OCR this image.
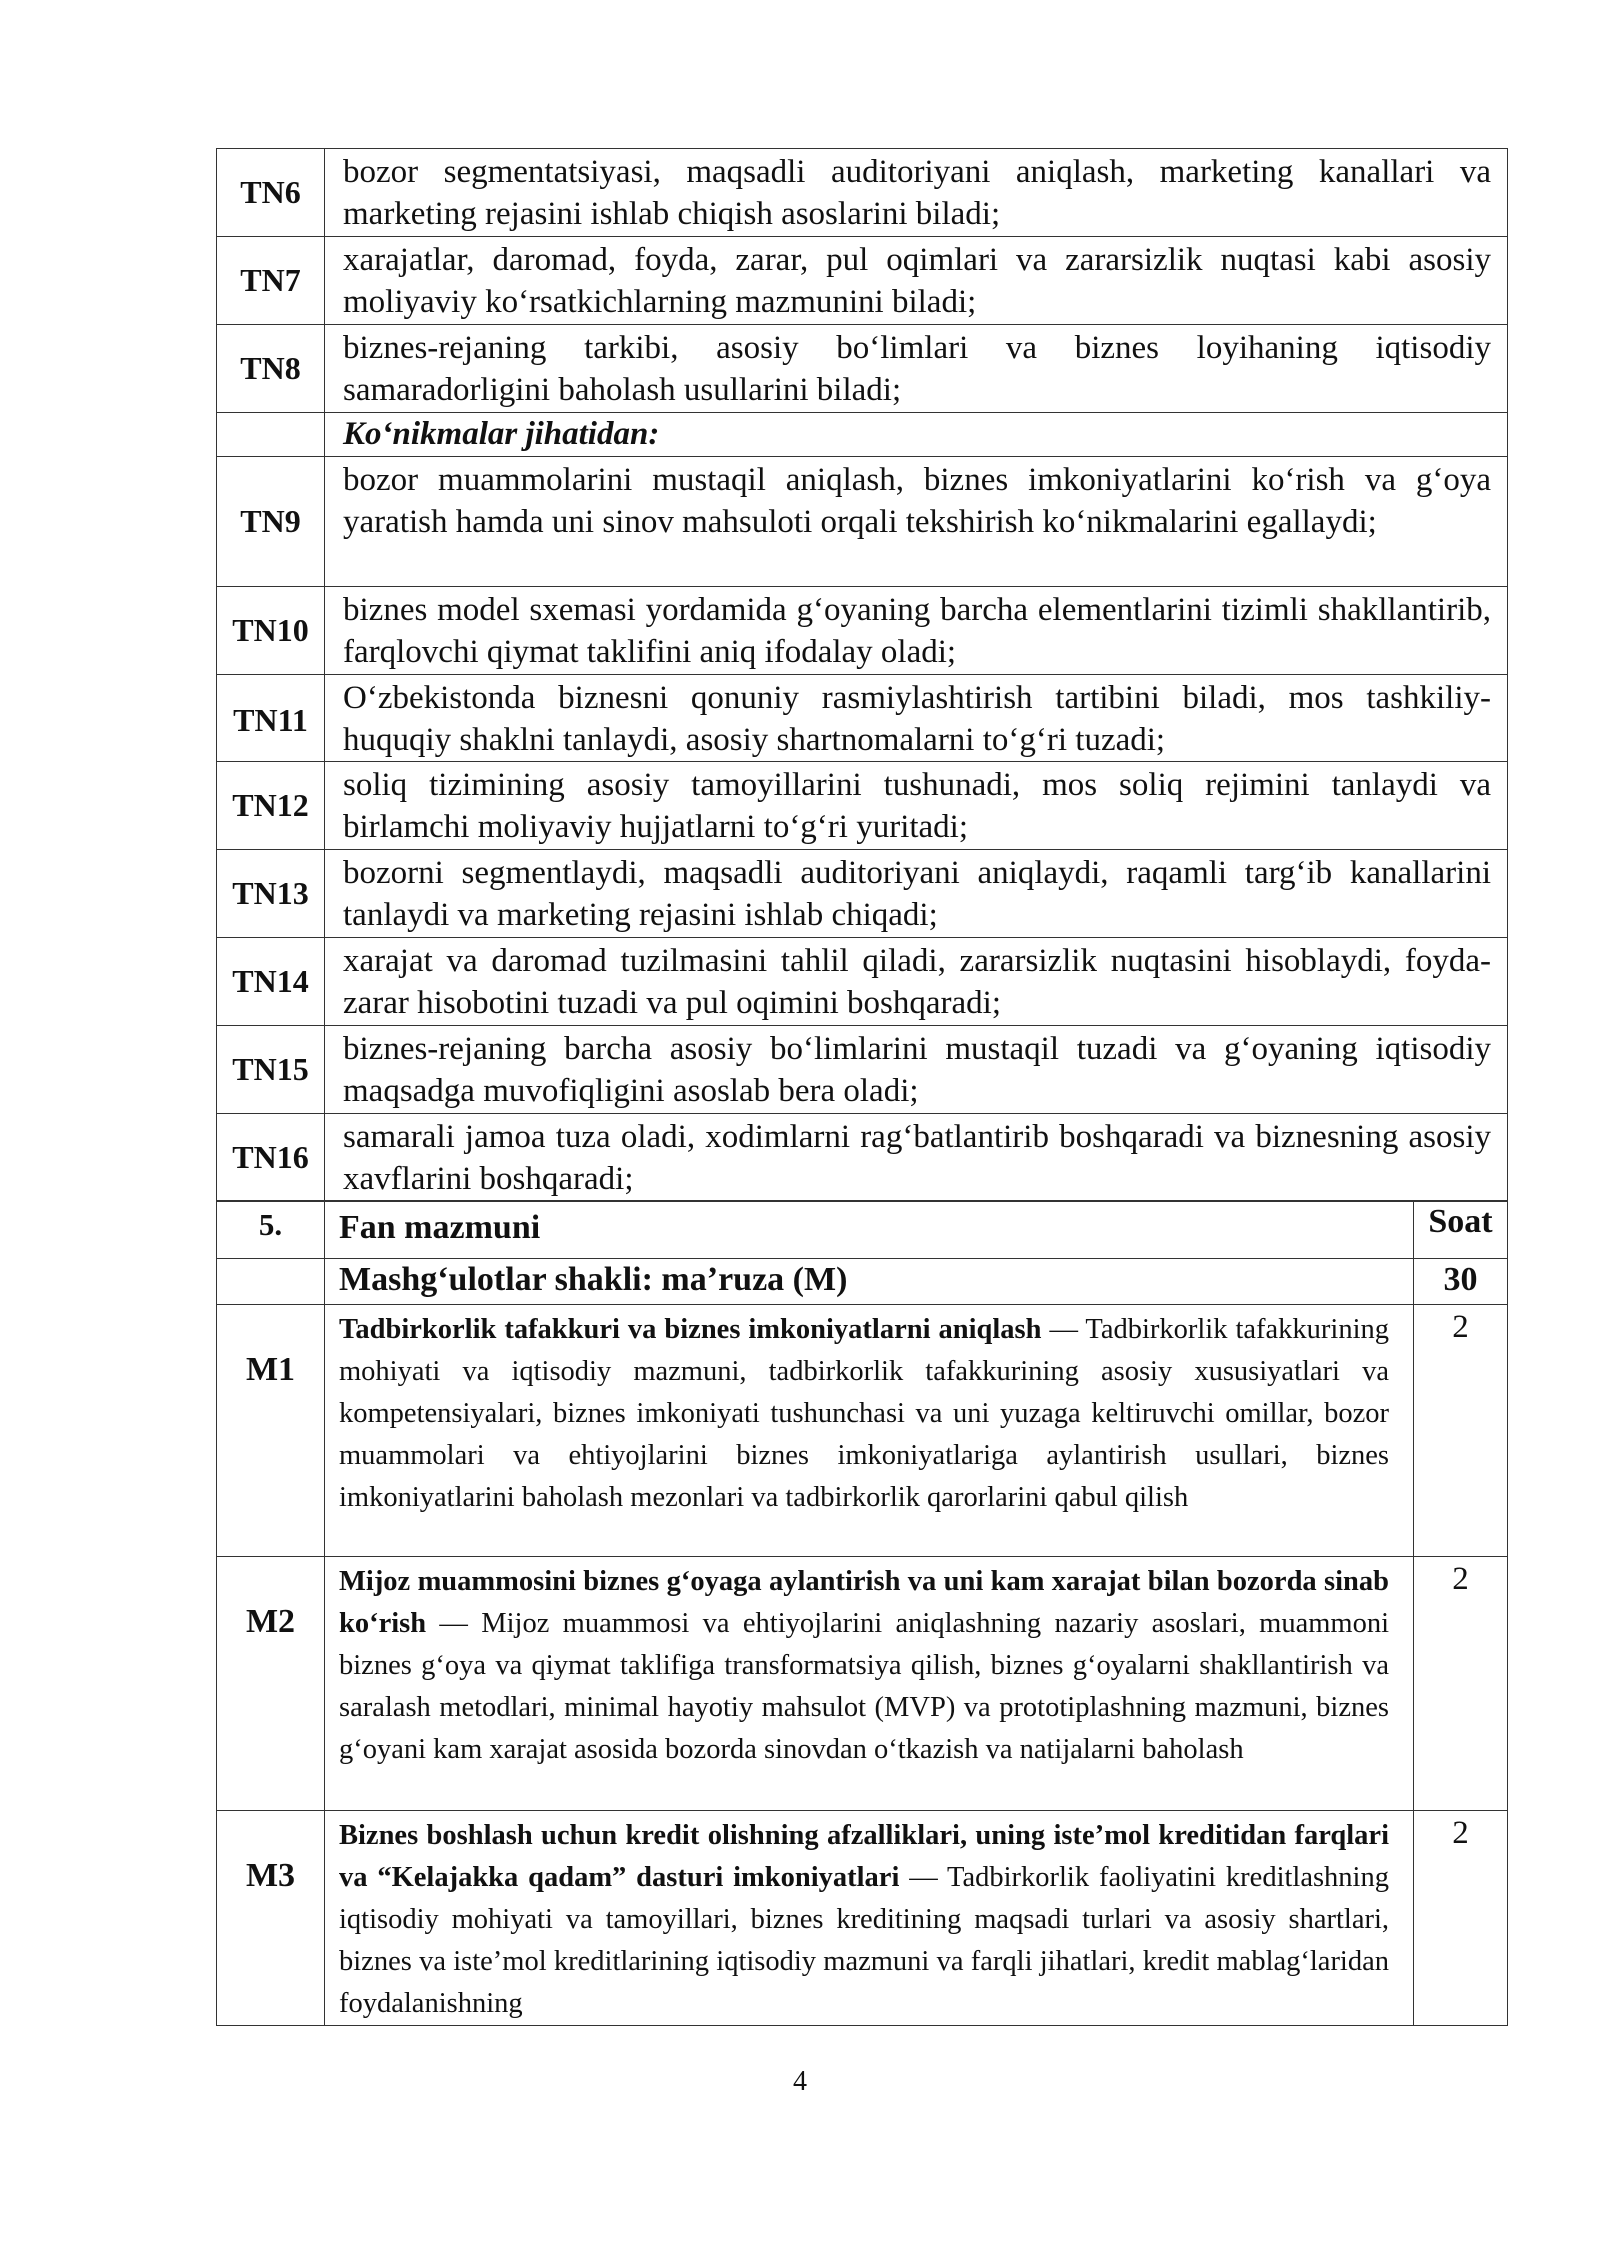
TN6	bozor segmentatsiyasi, maqsadli auditoriyani aniqlash, marketing kanallari va marketing rejasini ishlab chiqish asoslarini biladi;
TN7	xarajatlar, daromad, foyda, zarar, pul oqimlari va zararsizlik nuqtasi kabi asosiy moliyaviy koʻrsatkichlarning mazmunini biladi;
TN8	biznes-rejaning tarkibi, asosiy boʻlimlari va biznes loyihaning iqtisodiy samaradorligini baholash usullarini biladi;
	Koʻnikmalar jihatidan:
TN9	bozor muammolarini mustaqil aniqlash, biznes imkoniyatlarini koʻrish va gʻoya yaratish hamda uni sinov mahsuloti orqali tekshirish koʻnikmalarini egallaydi;
TN10	biznes model sxemasi yordamida gʻoyaning barcha elementlarini tizimli shakllantirib, farqlovchi qiymat taklifini aniq ifodalay oladi;
TN11	Oʻzbekistonda biznesni qonuniy rasmiylashtirish tartibini biladi, mos tashkiliy-huquqiy shaklni tanlaydi, asosiy shartnomalarni toʻgʻri tuzadi;
TN12	soliq tizimining asosiy tamoyillarini tushunadi, mos soliq rejimini tanlaydi va birlamchi moliyaviy hujjatlarni toʻgʻri yuritadi;
TN13	bozorni segmentlaydi, maqsadli auditoriyani aniqlaydi, raqamli targʻib kanallarini tanlaydi va marketing rejasini ishlab chiqadi;
TN14	xarajat va daromad tuzilmasini tahlil qiladi, zararsizlik nuqtasini hisoblaydi, foyda-zarar hisobotini tuzadi va pul oqimini boshqaradi;
TN15	biznes-rejaning barcha asosiy boʻlimlarini mustaqil tuzadi va gʻoyaning iqtisodiy maqsadga muvofiqligini asoslab bera oladi;
TN16	samarali jamoa tuza oladi, xodimlarni ragʻbatlantirib boshqaradi va biznesning asosiy xavflarini boshqaradi;
5.	Fan mazmuni	Soat
	Mashgʻulotlar shakli: maʼruza (M)	30
M1	Tadbirkorlik tafakkuri va biznes imkoniyatlarni aniqlash — Tadbirkorlik tafakkurining mohiyati va iqtisodiy mazmuni, tadbirkorlik tafakkurining asosiy xususiyatlari va kompetensiyalari, biznes imkoniyati tushunchasi va uni yuzaga keltiruvchi omillar, bozor muammolari va ehtiyojlarini biznes imkoniyatlariga aylantirish usullari, biznes imkoniyatlarini baholash mezonlari va tadbirkorlik qarorlarini qabul qilish	2
M2	Mijoz muammosini biznes gʻoyaga aylantirish va uni kam xarajat bilan bozorda sinab koʻrish — Mijoz muammosi va ehtiyojlarini aniqlashning nazariy asoslari, muammoni biznes gʻoya va qiymat taklifiga transformatsiya qilish, biznes gʻoyalarni shakllantirish va saralash metodlari, minimal hayotiy mahsulot (MVP) va prototiplashning mazmuni, biznes gʻoyani kam xarajat asosida bozorda sinovdan oʻtkazish va natijalarni baholash	2
M3	Biznes boshlash uchun kredit olishning afzalliklari, uning isteʼmol kreditidan farqlari va “Kelajakka qadam” dasturi imkoniyatlari — Tadbirkorlik faoliyatini kreditlashning iqtisodiy mohiyati va tamoyillari, biznes kreditining maqsadi turlari va asosiy shartlari, biznes va isteʼmol kreditlarining iqtisodiy mazmuni va farqli jihatlari, kredit mablagʻlaridan foydalanishning	2
4
